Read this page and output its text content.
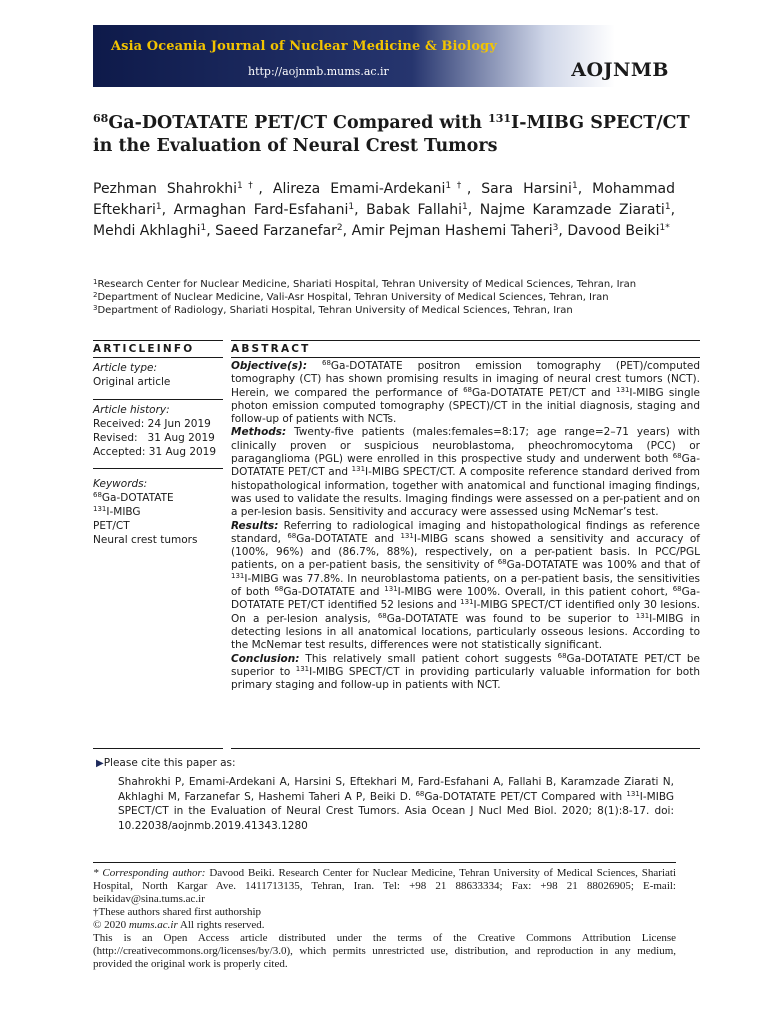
Asia Oceania Journal of Nuclear Medicine & Biology
http://aojnmb.mums.ac.ir	AOJNMB
$^{68}$Ga-DOTATATE PET/CT Compared with $^{131}$I-MIBG SPECT/CT
in the Evaluation of Neural Crest Tumors
Pezhman Shahrokhi$^{1\dagger}$, Alireza Emami-Ardekani$^{1\dagger}$, Sara Harsini$^1$, Mohammad Eftekhari$^1$, Armaghan Fard-Esfahani$^1$, Babak Fallahi$^1$, Najme Karamzade Ziarati$^1$, Mehdi Akhlaghi$^1$, Saeed Farzanefar$^2$, Amir Pejman Hashemi Taheri$^3$, Davood Beiki$^{1*}$
$^1$Research Center for Nuclear Medicine, Shariati Hospital, Tehran University of Medical Sciences, Tehran, Iran
$^2$Department of Nuclear Medicine, Vali-Asr Hospital, Tehran University of Medical Sciences, Tehran, Iran
$^3$Department of Radiology, Shariati Hospital, Tehran University of Medical Sciences, Tehran, Iran
ARTICLEINFO	ABSTRACT
Article type:
Original article
Article history:
Received: 24 Jun 2019
Revised:   31 Aug 2019
Accepted: 31 Aug 2019
Keywords:
$^{68}$Ga-DOTATATE
$^{131}$I-MIBG
PET/CT
Neural crest tumors

Objective(s): $^{68}$Ga-DOTATATE positron emission tomography (PET)/computed tomography (CT) has shown promising results in imaging of neural crest tumors (NCT). Herein, we compared the performance of $^{68}$Ga-DOTATATE PET/CT and $^{131}$I-MIBG single photon emission computed tomography (SPECT)/CT in the initial diagnosis, staging and follow-up of patients with NCTs.

Methods: Twenty-five patients (males:females=8:17; age range=2–71 years) with clinically proven or suspicious neuroblastoma, pheochromocytoma (PCC) or paraganglioma (PGL) were enrolled in this prospective study and underwent both $^{68}$Ga-DOTATATE PET/CT and $^{131}$I-MIBG SPECT/CT. A composite reference standard derived from histopathological information, together with anatomical and functional imaging findings, was used to validate the results. Imaging findings were assessed on a per-patient and on a per-lesion basis. Sensitivity and accuracy were assessed using McNemar’s test.

Results: Referring to radiological imaging and histopathological findings as reference standard, $^{68}$Ga-DOTATATE and $^{131}$I-MIBG scans showed a sensitivity and accuracy of (100%, 96%) and (86.7%, 88%), respectively, on a per-patient basis. In PCC/PGL patients, on a per-patient basis, the sensitivity of $^{68}$Ga-DOTATATE was 100% and that of $^{131}$I-MIBG was 77.8%. In neuroblastoma patients, on a per-patient basis, the sensitivities of both $^{68}$Ga-DOTATATE and $^{131}$I-MIBG were 100%. Overall, in this patient cohort, $^{68}$Ga-DOTATATE PET/CT identified 52 lesions and $^{131}$I-MIBG SPECT/CT identified only 30 lesions. On a per-lesion analysis, $^{68}$Ga-DOTATATE was found to be superior to $^{131}$I-MIBG in detecting lesions in all anatomical locations, particularly osseous lesions. According to the McNemar test results, differences were not statistically significant.

Conclusion: This relatively small patient cohort suggests $^{68}$Ga-DOTATATE PET/CT be superior to $^{131}$I-MIBG SPECT/CT in providing particularly valuable information for both primary staging and follow-up in patients with NCT.

▶Please cite this paper as:
Shahrokhi P, Emami-Ardekani A, Harsini S, Eftekhari M, Fard-Esfahani A, Fallahi B, Karamzade Ziarati N, Akhlaghi M, Farzanefar S, Hashemi Taheri A P, Beiki D. $^{68}$Ga-DOTATATE PET/CT Compared with $^{131}$I-MIBG SPECT/CT in the Evaluation of Neural Crest Tumors. Asia Ocean J Nucl Med Biol. 2020; 8(1):8-17. doi: 10.22038/aojnmb.2019.41343.1280
* Corresponding author: Davood Beiki. Research Center for Nuclear Medicine, Tehran University of Medical Sciences, Shariati Hospital, North Kargar Ave. 1411713135, Tehran, Iran. Tel: +98 21 88633334; Fax: +98 21 88026905; E-mail: beikidav@sina.tums.ac.ir
†These authors shared first authorship
© 2020 mums.ac.ir All rights reserved.
This is an Open Access article distributed under the terms of the Creative Commons Attribution License (http://creativecommons.org/licenses/by/3.0), which permits unrestricted use, distribution, and reproduction in any medium, provided the original work is properly cited.
